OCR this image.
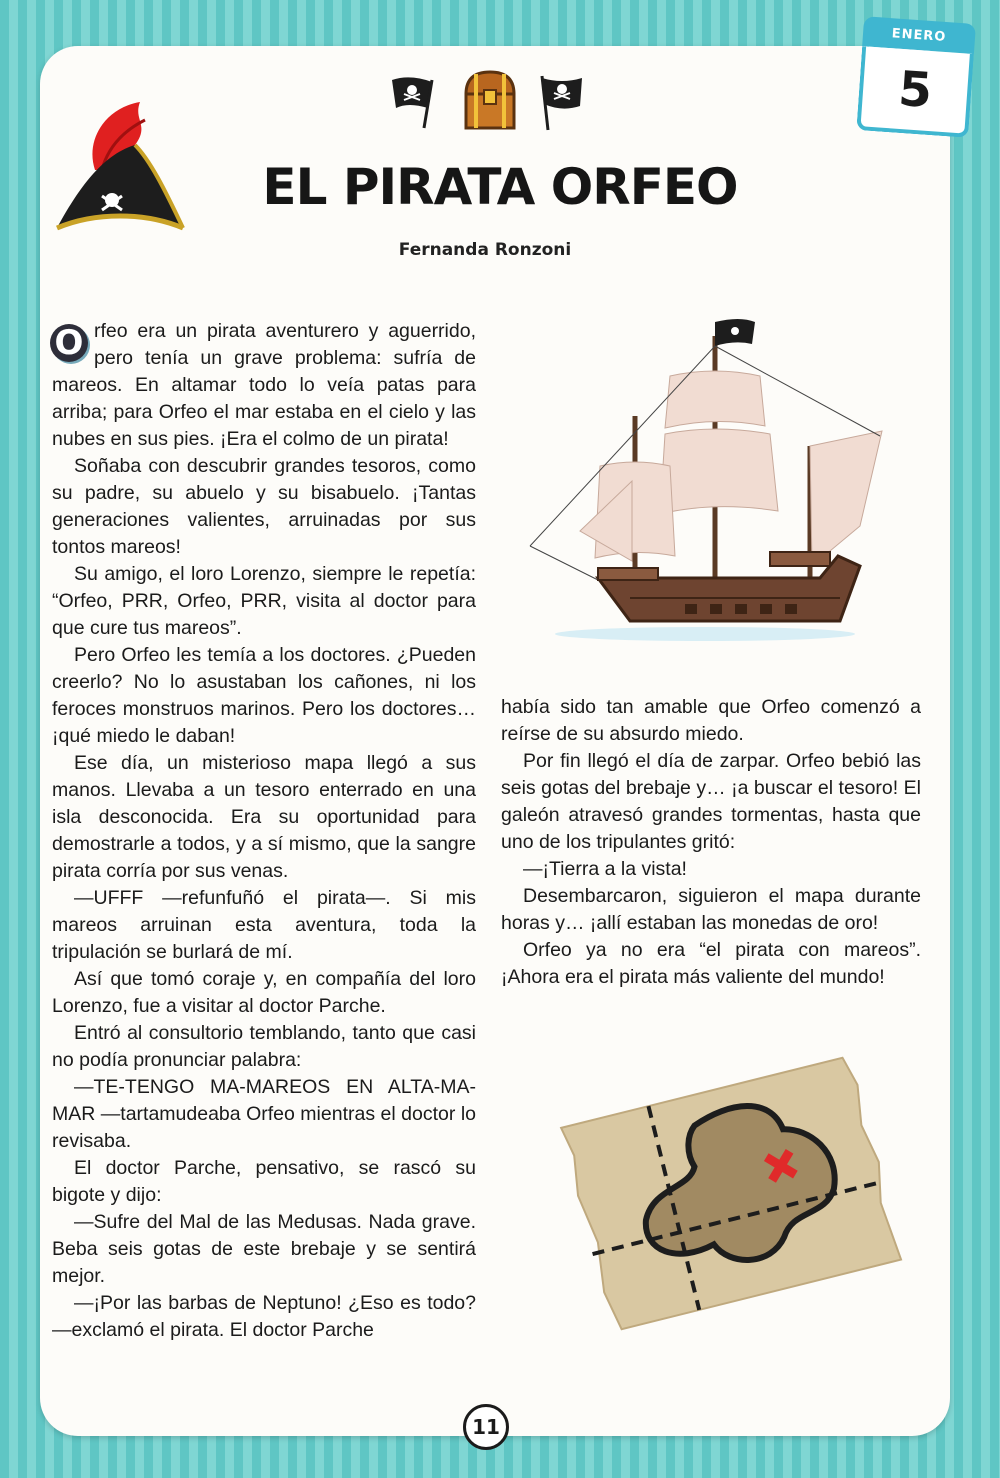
ENERO
5
EL PIRATA ORFEO
Fernanda Ronzoni

O rfeo era un pirata aventurero y aguerrido, pero tenía un grave problema: sufría de mareos. En altamar todo lo veía patas para arriba; para Orfeo el mar estaba en el cielo y las nubes en sus pies. ¡Era el colmo de un pirata!

Soñaba con descubrir grandes tesoros, como su padre, su abuelo y su bisabuelo. ¡Tantas generaciones valientes, arruinadas por sus tontos mareos!

Su amigo, el loro Lorenzo, siempre le repetía: “Orfeo, PRR, Orfeo, PRR, visita al doctor para que cure tus mareos”.

Pero Orfeo les temía a los doctores. ¿Pueden creerlo? No lo asustaban los cañones, ni los feroces monstruos marinos. Pero los doctores… ¡qué miedo le daban!

Ese día, un misterioso mapa llegó a sus manos. Llevaba a un tesoro enterrado en una isla desconocida. Era su oportunidad para demostrarle a todos, y a sí mismo, que la sangre pirata corría por sus venas.

—UFFF —refunfuñó el pirata—. Si mis mareos arruinan esta aventura, toda la tripulación se burlará de mí.

Así que tomó coraje y, en compañía del loro Lorenzo, fue a visitar al doctor Parche.

Entró al consultorio temblando, tanto que casi no podía pronunciar palabra:

—TE-TENGO MA-MAREOS EN ALTA-MA-MAR —tartamudeaba Orfeo mientras el doctor lo revisaba.

El doctor Parche, pensativo, se rascó su bigote y dijo:

—Sufre del Mal de las Medusas. Nada grave. Beba seis gotas de este brebaje y se sentirá mejor.

—¡Por las barbas de Neptuno! ¿Eso es todo? —exclamó el pirata. El doctor Parche

había sido tan amable que Orfeo comenzó a reírse de su absurdo miedo.

Por fin llegó el día de zarpar. Orfeo bebió las seis gotas del brebaje y… ¡a buscar el tesoro! El galeón atravesó grandes tormentas, hasta que uno de los tripulantes gritó:

—¡Tierra a la vista!

Desembarcaron, siguieron el mapa durante horas y… ¡allí estaban las monedas de oro!

Orfeo ya no era “el pirata con mareos”. ¡Ahora era el pirata más valiente del mundo!

11
